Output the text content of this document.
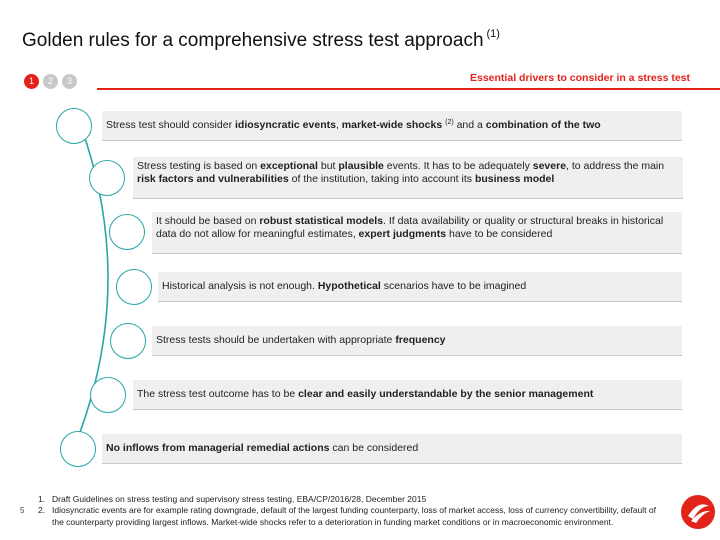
Golden rules for a comprehensive stress test approach $^{(1)}$
1	2	3	Essential drivers to consider in a stress test
Stress test should consider idiosyncratic events, market-wide shocks $^{(2)}$ and a combination of the two
Stress testing is based on exceptional but plausible events. It has to be adequately severe, to address the main risk factors and vulnerabilities of the institution, taking into account its business model
It should be based on robust statistical models. If data availability or quality or structural breaks in historical data do not allow for meaningful estimates, expert judgments have to be considered
Historical analysis is not enough. Hypothetical scenarios have to be imagined
Stress tests should be undertaken with appropriate frequency
The stress test outcome has to be clear and easily understandable by the senior management
No inflows from managerial remedial actions can be considered
5
1. Draft Guidelines on stress testing and supervisory stress testing, EBA/CP/2016/28, December 2015
2. Idiosyncratic events are for example rating downgrade, default of the largest funding counterparty, loss of market access, loss of currency convertibility, default of the counterparty providing largest inflows. Market-wide shocks refer to a deterioration in funding market conditions or in macroeconomic environment.
